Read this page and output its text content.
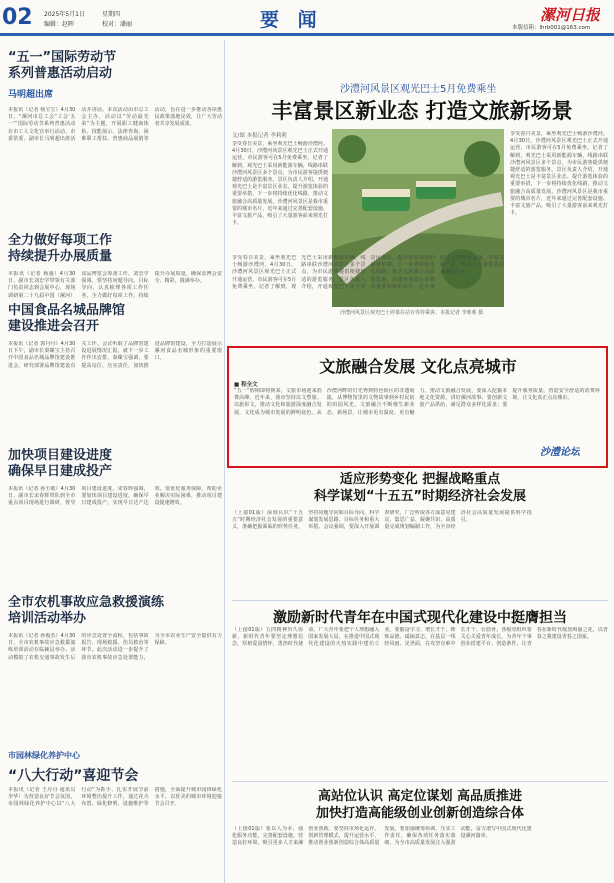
02 2025年5月1日	星期四
编辑：赵晖	校对：潘丽	要 闻	漯河日报
本版信箱：lhrb001@163.com
“五一”国际劳动节
系列普惠活动启动
马明超出席
本报讯（记者 杨宝宝）4月30日，“漯河市总工会“工会‘五一’”国际劳动节系列普惠活动在市工人文化宫举行活动。市委常委、副市长马明超出席活动并讲话。本次活动由市总工会主办，活动以“劳动最光荣”为主题，开展职工健康体检、技能展示、法律咨询、困难职工帮扶、普惠商品展销等活动，旨在进一步推动各项惠民政策落地见效，让广大劳动者共享发展成果。
全力做好每项工作
持续提升办展质量
本报讯（记者 杨盛）4月30日，副市长刘忠学带领有关部门负责同志到会展中心，现场调研第二十九届中国（漯河）食品博览会筹备工作。刘忠学强调，要坚持问题导向、目标导向，认真梳理各项工作任务，全力做好每项工作，持续提升办展质量，确保食博会安全、精彩、圆满举办。
中国食品名城品牌馆
建设推进会召开
本报讯（记者 郭丹丹）4月30日下午，副市长秦臻宝主持召开中国食品名城品牌馆建设推进会，研究部署品牌馆建设有关工作。会议听取了品牌馆建设进展情况汇报，就下一步工作作出安排。秦臻宝强调，要提高站位、压实责任，加快推进品牌馆建设，全力打造展示漯河食品名城形象的重要窗口。
加快项目建设进度
确保早日建成投产
本报讯（记者 孙玉敏）4月30日，副市长宋春辉带队到全市重点项目现场进行调研，督导项目建设进度。宋春辉强调，要加快项目建设进度，确保早日建成投产，实现早日达产达效。要优化服务保障，帮助企业解决实际困难，推动项目建设提速增效。
全市农机事故应急救援演练
培训活动举办
本报讯（记者 孙俊杰）4月30日，全市农机事故应急救援演练培训活动在临颍县举办。活动模拟了农机交通事故发生后的应急处置全流程，包括事故报告、现场救援、伤员救治等环节。此次活动进一步提升了我市农机事故应急处置能力，为全市农业生产安全提供有力保障。
市园林绿化养护中心
“八大行动”喜迎节会
本报讯（记者 王丹丹 通讯员 李华）为营造良好节会氛围，市园林绿化养护中心以“八大行动”为抓手，扎实开展节前环境整治提升工作，通过花卉布置、绿化修剪、设施维护等措施，全面提升城市园林绿化水平，以优美的城市环境迎接节会召开。
沙澧河风景区观光巴士5月免费乘坐
丰富景区新业态 打造文旅新场景
文/图 本报记者 李莉莉
享受春日美景，乘坐观光巴士畅游沙澧河。4月30日，沙澧河风景区观光巴士正式开通运营，市民游客可在5月免费乘坐。记者了解到，观光巴士采用新能源车辆，线路串联沙澧河风景区多个景点，为市民游客提供便捷舒适的游览服务。景区负责人介绍，开通观光巴士是丰富景区业态、提升游览体验的重要举措，下一步将持续优化线路，推动文旅融合高质量发展。沙澧河风景区是我市重要的城市名片，近年来通过完善配套设施、丰富文旅产品，吸引了大量游客前来观光打卡。
沙澧河风景区观光巴士停靠在站台等待乘客。本报记者 李莉莉 摄
享受春日美景，乘坐观光巴士畅游沙澧河。4月30日，沙澧河风景区观光巴士正式开通运营，市民游客可在5月免费乘坐。记者了解到，观光巴士采用新能源车辆，线路串联沙澧河风景区多个景点，为市民游客提供便捷舒适的游览服务。景区负责人介绍，开通观光巴士是丰富景区业态、提升游览体验的重要举措，下一步将持续优化线路，推动文旅融合高质量发展。沙澧河风景区是我市重要的城市名片，近年来通过完善配套设施、丰富文旅产品，吸引了大量游客前来观光打卡。
享受春日美景，乘坐观光巴士畅游沙澧河。4月30日，沙澧河风景区观光巴士正式开通运营，市民游客可在5月免费乘坐。记者了解到，观光巴士采用新能源车辆，线路串联沙澧河风景区多个景点，为市民游客提供便捷舒适的游览服务。景区负责人介绍，开通观光巴士是丰富景区业态、提升游览体验的重要举措，下一步将持续优化线路，推动文旅融合高质量发展。沙澧河风景区是我市重要的城市名片，近年来通过完善配套设施、丰富文旅产品，吸引了大量游客前来观光打卡。
文旅融合发展 文化点亮城市
■ 程全文
“五一”假期即将到来，文旅市场迎来消费高峰。近年来，我市坚持以文塑旅、以旅彰文，推动文化和旅游深度融合发展，文化成为城市发展的鲜明底色。从沙澧河畔的灯光秀到特色街区的非遗展演，从博物馆里的文物故事到乡村民宿的田园风光，文旅融合不断催生新业态、新场景，让城市更有温度、更有魅力。推动文旅融合发展，要深入挖掘本地文化资源，讲好漯河故事；要创新文旅产品供给，满足群众多样化需求；要提升服务质量，营造安全舒适的消费环境，让文化真正点亮城市。
沙澧论坛
适应形势变化 把握战略重点
科学谋划“十五五”时期经济社会发展
（上接01版）深刻认识“十五五”时期经济社会发展的重要意义，准确把握面临的形势任务，坚持问题导向和目标导向，科学谋划发展思路、目标任务和重大举措。会议强调，要深入开展调查研究，广泛听取各方面意见建议，集思广益、凝聚共识，高质量完成规划编制工作，为全市经济社会高质量发展提供科学指引。
激励新时代青年在中国式现代化建设中挺膺担当
（上接01版）五四精神历久弥新，新时代青年要坚定理想信念，厚植爱国情怀，勇担时代使命。广大青年要把个人理想融入国家发展大局，在推进中国式现代化建设的火热实践中建功立业。要勤奋学习、增长才干，锤炼品德、砥砺意志，在基层一线经风雨、见世面，在攻坚克难中长才干、壮筋骨。各级党组织要关心关爱青年成长，为青年干事创业搭建平台、创造条件，让青春在新时代绽放绚丽之花，以青春之我建设青春之国家。
高站位认识 高定位谋划 高品质推进
加快打造高能级创业创新创造综合体
（上接01版）要以人为本，强化服务功能，完善配套设施，营造良好环境，吸引更多人才来漯创业创新。要坚持市场化运作，创新管理模式，提升运营水平，推动创业创新创造综合体高质量发展。要加强统筹协调，压实工作责任，确保各项任务落实落细，为全市高质量发展注入强劲动能，奋力谱写中国式现代化建设漯河篇章。
